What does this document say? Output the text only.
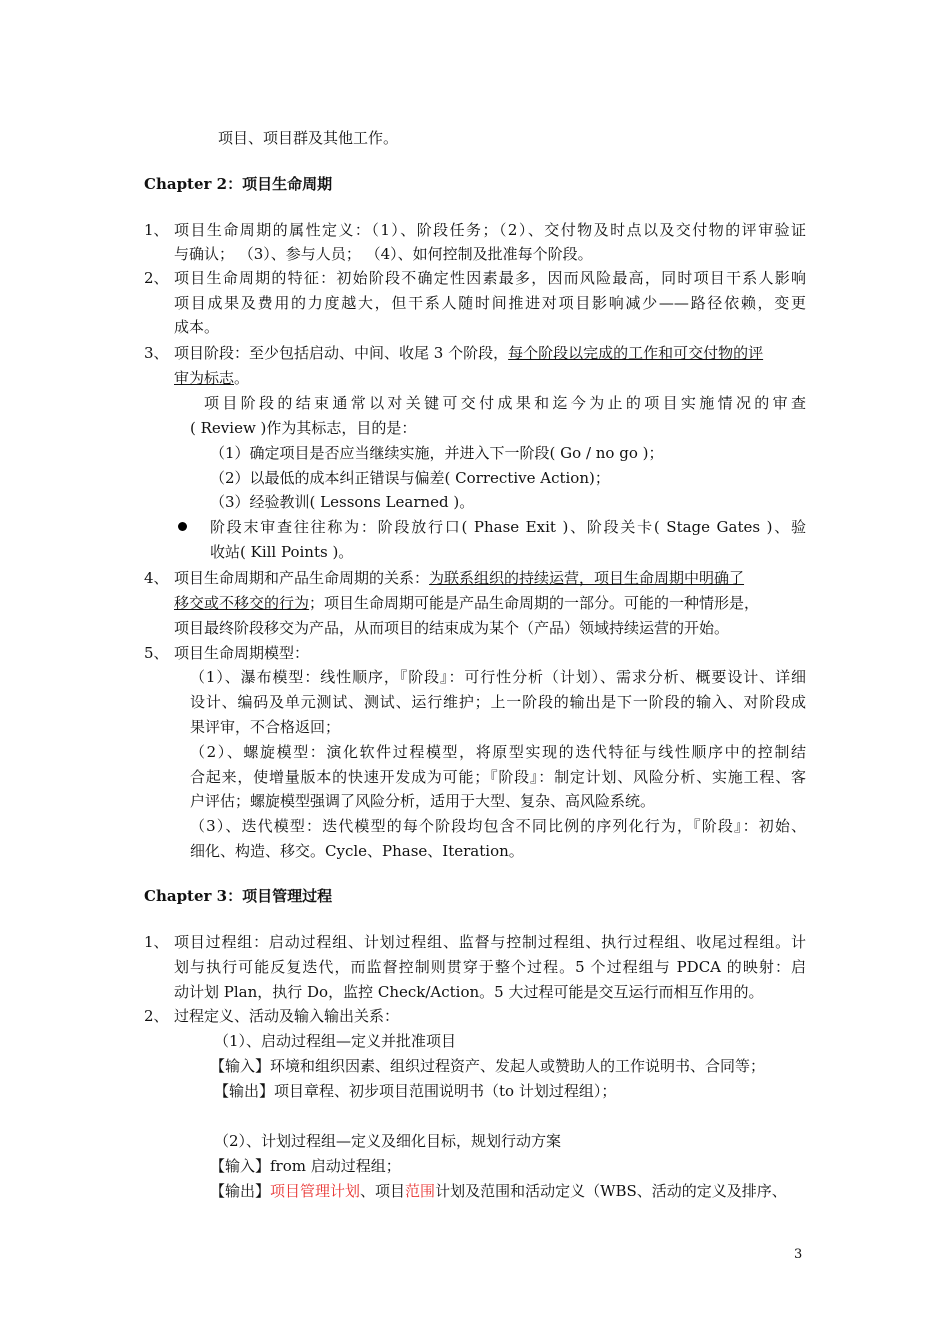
项目、项目群及其他工作。
Chapter 2：项目生命周期
1、 项目生命周期的属性定义：（1）、阶段任务；（2）、交付物及时点以及交付物的评审验证
与确认； （3）、参与人员； （4）、如何控制及批准每个阶段。
2、 项目生命周期的特征：初始阶段不确定性因素最多，因而风险最高，同时项目干系人影响
项目成果及费用的力度越大，但干系人随时间推进对项目影响减少——路径依赖，变更
成本。
3、 项目阶段：至少包括启动、中间、收尾 3 个阶段，每个阶段以完成的工作和可交付物的评
审为标志。
项目阶段的结束通常以对关键可交付成果和迄今为止的项目实施情况的审查
( Review )作为其标志，目的是：
（1）确定项目是否应当继续实施，并进入下一阶段( Go / no go )；
（2）以最低的成本纠正错误与偏差( Corrective Action)；
（3）经验教训( Lessons Learned )。
阶段末审查往往称为：阶段放行口( Phase Exit )、阶段关卡( Stage Gates )、验
收站( Kill Points )。
4、 项目生命周期和产品生命周期的关系：为联系组织的持续运营，项目生命周期中明确了
移交或不移交的行为；项目生命周期可能是产品生命周期的一部分。可能的一种情形是，
项目最终阶段移交为产品，从而项目的结束成为某个（产品）领域持续运营的开始。
5、 项目生命周期模型：
（1）、瀑布模型：线性顺序，『阶段』：可行性分析（计划）、需求分析、概要设计、详细
设计、编码及单元测试、测试、运行维护；上一阶段的输出是下一阶段的输入、对阶段成
果评审，不合格返回；
（2）、螺旋模型：演化软件过程模型，将原型实现的迭代特征与线性顺序中的控制结
合起来，使增量版本的快速开发成为可能；『阶段』：制定计划、风险分析、实施工程、客
户评估；螺旋模型强调了风险分析，适用于大型、复杂、高风险系统。
（3）、迭代模型：迭代模型的每个阶段均包含不同比例的序列化行为，『阶段』：初始、
细化、构造、移交。Cycle、Phase、Iteration。
Chapter 3：项目管理过程
1、 项目过程组：启动过程组、计划过程组、监督与控制过程组、执行过程组、收尾过程组。计
划与执行可能反复迭代，而监督控制则贯穿于整个过程。5 个过程组与 PDCA 的映射：启
动计划 Plan，执行 Do，监控 Check/Action。5 大过程可能是交互运行而相互作用的。
2、 过程定义、活动及输入输出关系：
（1）、启动过程组—定义并批准项目
【输入】环境和组织因素、组织过程资产、发起人或赞助人的工作说明书、合同等；
【输出】项目章程、初步项目范围说明书（to 计划过程组）；
（2）、计划过程组—定义及细化目标，规划行动方案
【输入】from 启动过程组；
【输出】项目管理计划、项目范围计划及范围和活动定义（WBS、活动的定义及排序、
3
